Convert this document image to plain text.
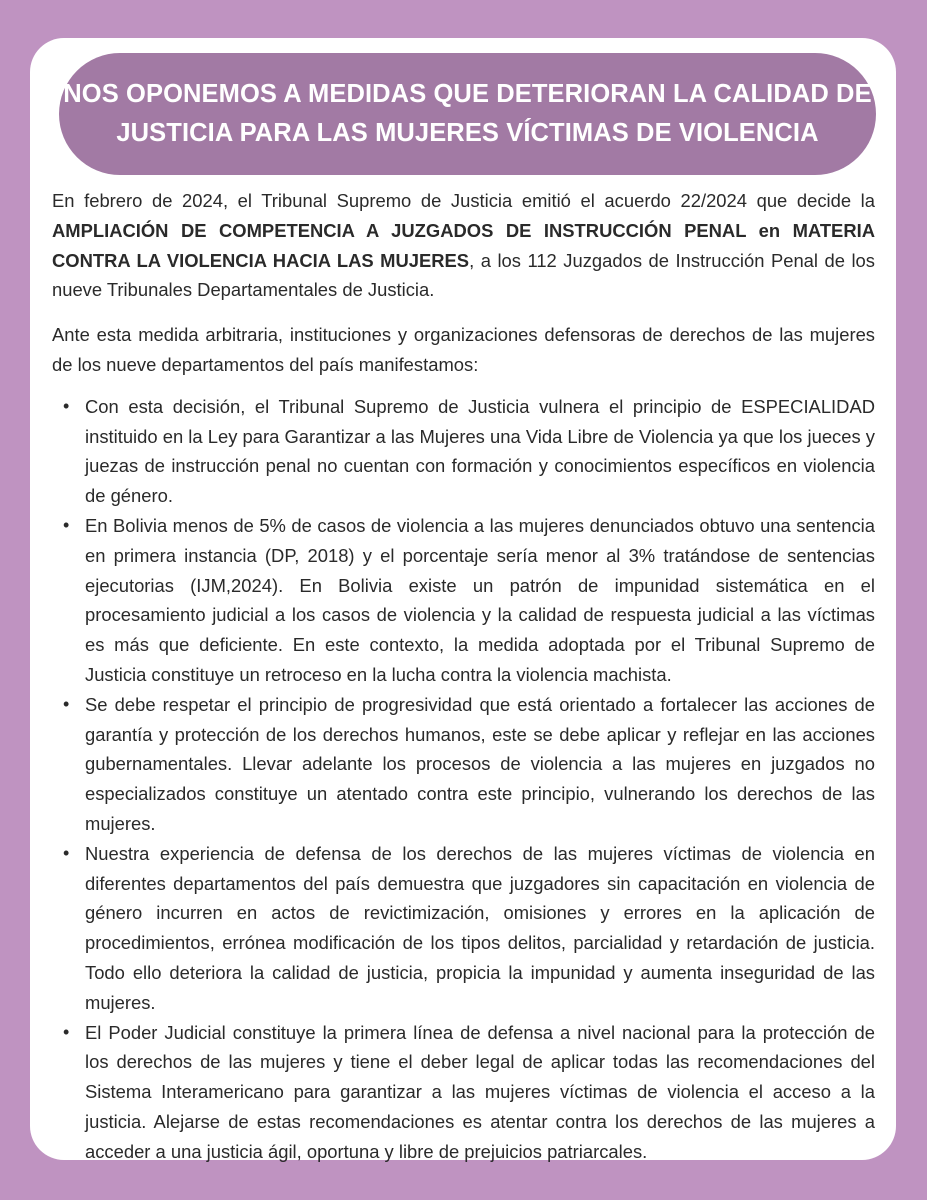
NOS OPONEMOS A MEDIDAS QUE DETERIORAN LA CALIDAD DE
JUSTICIA PARA LAS MUJERES VÍCTIMAS DE VIOLENCIA

En febrero de 2024, el Tribunal Supremo de Justicia emitió el acuerdo 22/2024 que decide la AMPLIACIÓN DE COMPETENCIA A JUZGADOS DE INSTRUCCIÓN PENAL en MATERIA CONTRA LA VIOLENCIA HACIA LAS MUJERES, a los 112 Juzgados de Instrucción Penal de los nueve Tribunales Departamentales de Justicia.

Ante esta medida arbitraria, instituciones y organizaciones defensoras de derechos de las mujeres de los nueve departamentos del país manifestamos:

• Con esta decisión, el Tribunal Supremo de Justicia vulnera el principio de ESPECIALIDAD instituido en la Ley para Garantizar a las Mujeres una Vida Libre de Violencia ya que los jueces y juezas de instrucción penal no cuentan con formación y conocimientos específicos en violencia de género.
• En Bolivia menos de 5% de casos de violencia a las mujeres denunciados obtuvo una sentencia en primera instancia (DP, 2018) y el porcentaje sería menor al 3% tratándose de sentencias ejecutorias (IJM,2024). En Bolivia existe un patrón de impunidad sistemática en el procesamiento judicial a los casos de violencia y la calidad de respuesta judicial a las víctimas es más que deficiente. En este contexto, la medida adoptada por el Tribunal Supremo de Justicia constituye un retroceso en la lucha contra la violencia machista.
• Se debe respetar el principio de progresividad que está orientado a fortalecer las acciones de garantía y protección de los derechos humanos, este se debe aplicar y reflejar en las acciones gubernamentales. Llevar adelante los procesos de violencia a las mujeres en juzgados no especializados constituye un atentado contra este principio, vulnerando los derechos de las mujeres.
• Nuestra experiencia de defensa de los derechos de las mujeres víctimas de violencia en diferentes departamentos del país demuestra que juzgadores sin capacitación en violencia de género incurren en actos de revictimización, omisiones y errores en la aplicación de procedimientos, errónea modificación de los tipos delitos, parcialidad y retardación de justicia. Todo ello deteriora la calidad de justicia, propicia la impunidad y aumenta inseguridad de las mujeres.
• El Poder Judicial constituye la primera línea de defensa a nivel nacional para la protección de los derechos de las mujeres y tiene el deber legal de aplicar todas las recomendaciones del Sistema Interamericano para garantizar a las mujeres víctimas de violencia el acceso a la justicia. Alejarse de estas recomendaciones es atentar contra los derechos de las mujeres a acceder a una justicia ágil, oportuna y libre de prejuicios patriarcales.
